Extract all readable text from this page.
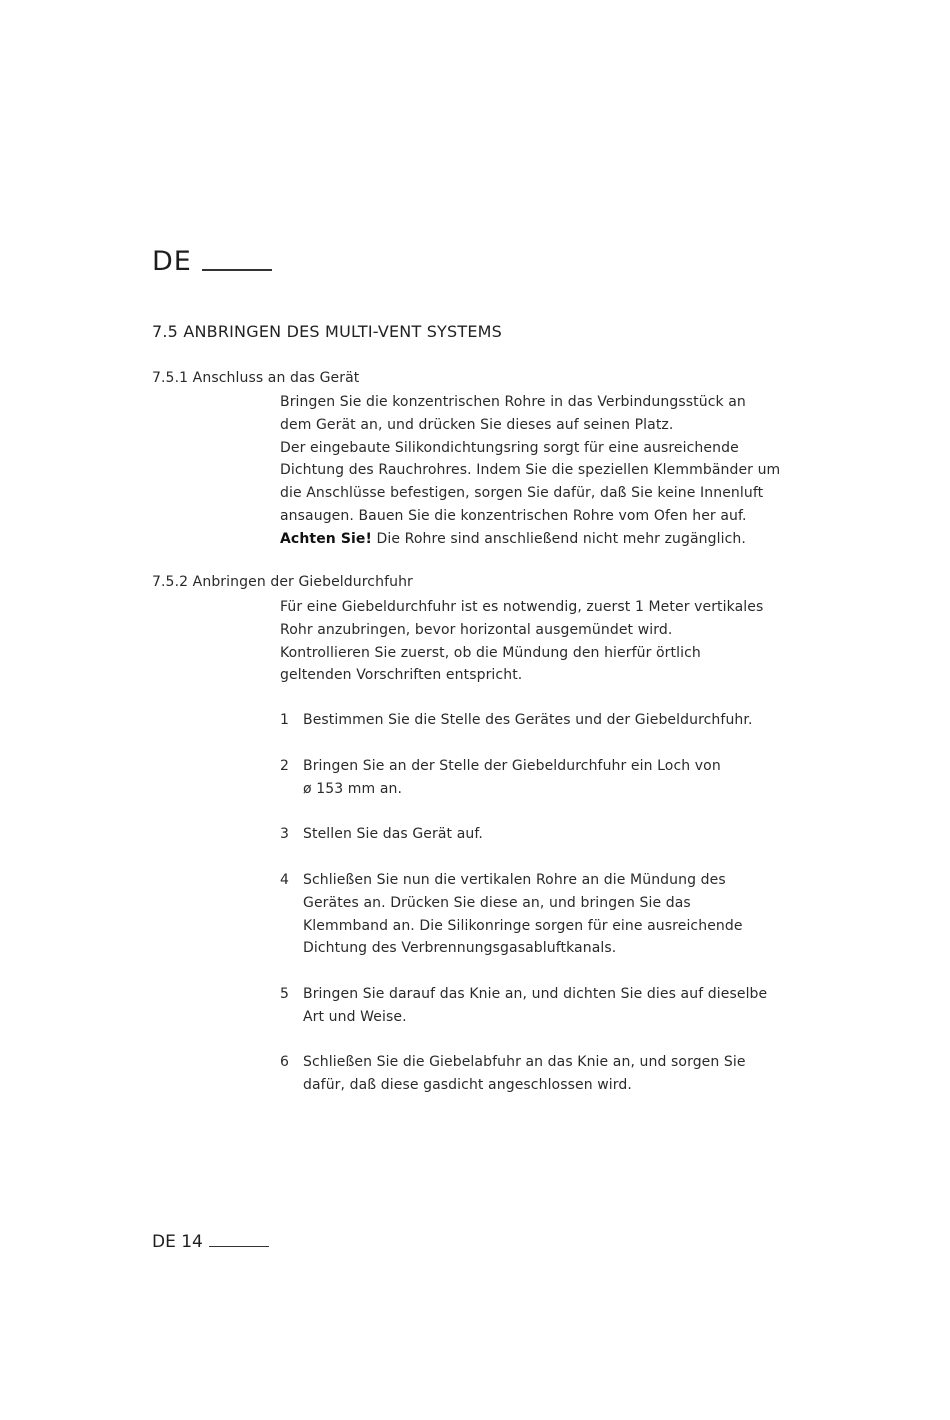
DE
7.5 ANBRINGEN DES MULTI-VENT SYSTEMS
7.5.1 Anschluss an das Gerät

Bringen Sie die konzentrischen Rohre in das Verbindungsstück an

dem Gerät an, und drücken Sie dieses auf seinen Platz.

Der eingebaute Silikondichtungsring sorgt für eine ausreichende

Dichtung des Rauchrohres. Indem Sie die speziellen Klemmbänder um

die Anschlüsse befestigen, sorgen Sie dafür, daß Sie keine Innenluft

ansaugen. Bauen Sie die konzentrischen Rohre vom Ofen her auf.

Achten Sie! Die Rohre sind anschließend nicht mehr zugänglich.

7.5.2 Anbringen der Giebeldurchfuhr

Für eine Giebeldurchfuhr ist es notwendig, zuerst 1 Meter vertikales

Rohr anzubringen, bevor horizontal ausgemündet wird.

Kontrollieren Sie zuerst, ob die Mündung den hierfür örtlich

geltenden Vorschriften entspricht.

1 Bestimmen Sie die Stelle des Gerätes und der Giebeldurchfuhr.
2 Bringen Sie an der Stelle der Giebeldurchfuhr ein Loch von
ø 153 mm an.
3 Stellen Sie das Gerät auf.
4 Schließen Sie nun die vertikalen Rohre an die Mündung des
Gerätes an. Drücken Sie diese an, und bringen Sie das
Klemmband an. Die Silikonringe sorgen für eine ausreichende
Dichtung des Verbrennungsgasabluftkanals.
5 Bringen Sie darauf das Knie an, und dichten Sie dies auf dieselbe
Art und Weise.
6 Schließen Sie die Giebelabfuhr an das Knie an, und sorgen Sie
dafür, daß diese gasdicht angeschlossen wird.
DE 14
